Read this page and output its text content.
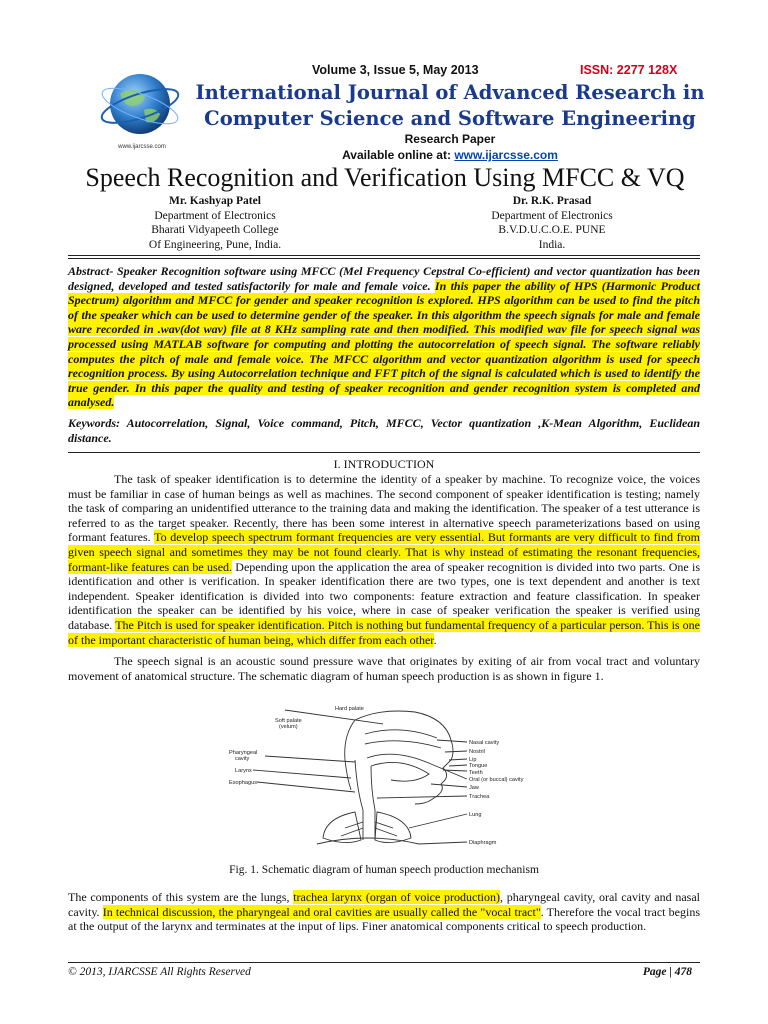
www.ijarcsse.com
Volume 3, Issue 5, May 2013	ISSN: 2277 128X
International Journal of Advanced Research in
Computer Science and Software Engineering
Research Paper
Available online at: www.ijarcsse.com
Speech Recognition and Verification Using MFCC & VQ
Mr. Kashyap Patel
Department of Electronics
Bharati Vidyapeeth College
Of Engineering, Pune, India.
Dr. R.K. Prasad
Department of Electronics
B.V.D.U.C.O.E. PUNE
India.
Abstract- Speaker Recognition software using MFCC (Mel Frequency Cepstral Co-efficient) and vector quantization has been designed, developed and tested satisfactorily for male and female voice. In this paper the ability of HPS (Harmonic Product Spectrum) algorithm and MFCC for gender and speaker recognition is explored. HPS algorithm can be used to find the pitch of the speaker which can be used to determine gender of the speaker. In this algorithm the speech signals for male and female ware recorded in .wav(dot wav) file at 8 KHz sampling rate and then modified. This modified wav file for speech signal was processed using MATLAB software for computing and plotting the autocorrelation of speech signal. The software reliably computes the pitch of male and female voice. The MFCC algorithm and vector quantization algorithm is used for speech recognition process. By using Autocorrelation technique and FFT pitch of the signal is calculated which is used to identify the true gender. In this paper the quality and testing of speaker recognition and gender recognition system is completed and analysed.
Keywords: Autocorrelation, Signal, Voice command, Pitch, MFCC, Vector quantization ,K-Mean Algorithm, Euclidean distance.
I. INTRODUCTION
The task of speaker identification is to determine the identity of a speaker by machine. To recognize voice, the voices must be familiar in case of human beings as well as machines. The second component of speaker identification is testing; namely the task of comparing an unidentified utterance to the training data and making the identification. The speaker of a test utterance is referred to as the target speaker. Recently, there has been some interest in alternative speech parameterizations based on using formant features. To develop speech spectrum formant frequencies are very essential. But formants are very difficult to find from given speech signal and sometimes they may be not found clearly. That is why instead of estimating the resonant frequencies, formant-like features can be used. Depending upon the application the area of speaker recognition is divided into two parts. One is identification and other is verification. In speaker identification there are two types, one is text dependent and another is text independent. Speaker identification is divided into two components: feature extraction and feature classification. In speaker identification the speaker can be identified by his voice, where in case of speaker verification the speaker is verified using database. The Pitch is used for speaker identification. Pitch is nothing but fundamental frequency of a particular person. This is one of the important characteristic of human being, which differ from each other.
The speech signal is an acoustic sound pressure wave that originates by exiting of air from vocal tract and voluntary movement of anatomical structure. The schematic diagram of human speech production is as shown in figure 1.
Hard palate
Soft palate
(velum)
Nasal cavity
Nostril
Lip
Tongue
Teeth
Oral (or buccal) cavity
Jaw
Trachea
Lung
Diaphragm
Pharyngeal
cavity
Larynx
Esophagus
Fig. 1. Schematic diagram of human speech production mechanism
The components of this system are the lungs, trachea larynx (organ of voice production), pharyngeal cavity, oral cavity and nasal cavity. In technical discussion, the pharyngeal and oral cavities are usually called the "vocal tract". Therefore the vocal tract begins at the output of the larynx and terminates at the input of lips. Finer anatomical components critical to speech production.
© 2013, IJARCSSE All Rights Reserved	Page | 478
